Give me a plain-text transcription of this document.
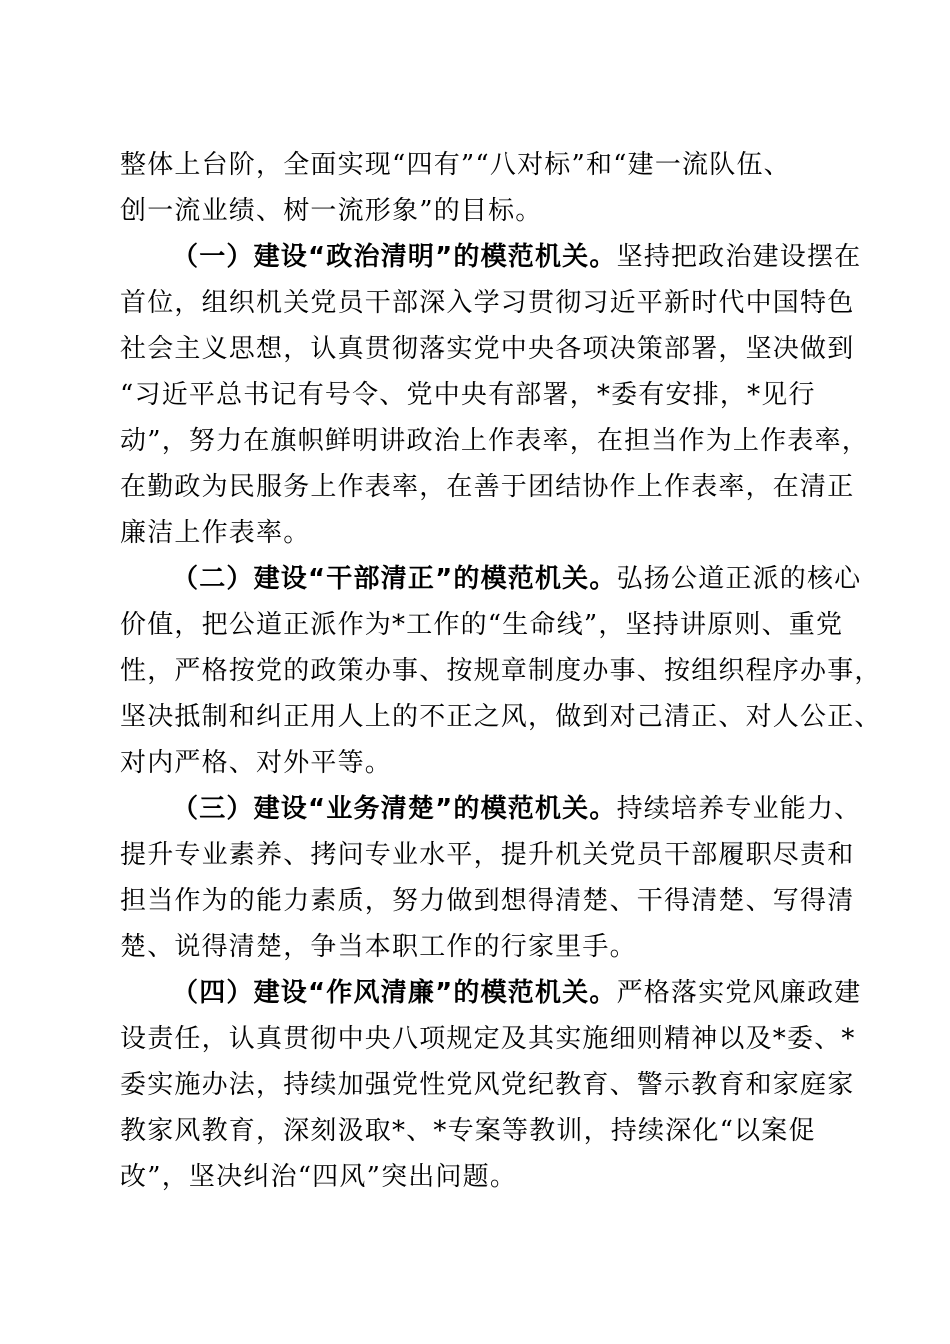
整体上台阶，全面实现“四有”“八对标”和“建一流队伍、
创一流业绩、树一流形象”的目标。
（一）建设“政治清明”的模范机关。坚持把政治建设摆在
首位，组织机关党员干部深入学习贯彻习近平新时代中国特色
社会主义思想，认真贯彻落实党中央各项决策部署，坚决做到
“习近平总书记有号令、党中央有部署，*委有安排，*见行
动”，努力在旗帜鲜明讲政治上作表率，在担当作为上作表率，
在勤政为民服务上作表率，在善于团结协作上作表率，在清正
廉洁上作表率。
（二）建设“干部清正”的模范机关。弘扬公道正派的核心
价值，把公道正派作为*工作的“生命线”，坚持讲原则、重党
性，严格按党的政策办事、按规章制度办事、按组织程序办事，
坚决抵制和纠正用人上的不正之风，做到对己清正、对人公正、
对内严格、对外平等。
（三）建设“业务清楚”的模范机关。持续培养专业能力、
提升专业素养、拷问专业水平，提升机关党员干部履职尽责和
担当作为的能力素质，努力做到想得清楚、干得清楚、写得清
楚、说得清楚，争当本职工作的行家里手。
（四）建设“作风清廉”的模范机关。严格落实党风廉政建
设责任，认真贯彻中央八项规定及其实施细则精神以及*委、*
委实施办法，持续加强党性党风党纪教育、警示教育和家庭家
教家风教育，深刻汲取*、*专案等教训，持续深化“以案促
改”，坚决纠治“四风”突出问题。
